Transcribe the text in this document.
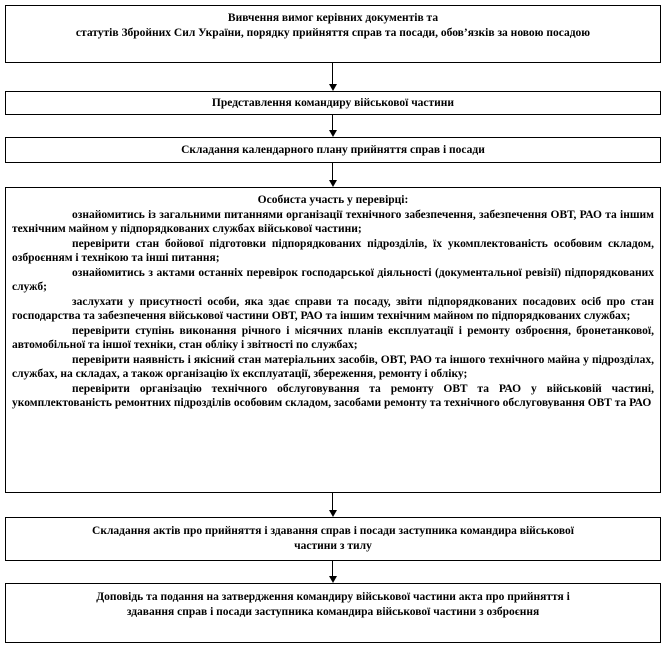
Вивчення вимог керівних документів та
статутів Збройних Сил України, порядку прийняття справ та посади, обов’язків за новою посадою
Представлення командиру військової частини
Складання календарного плану прийняття справ і посади
Особиста участь у перевірці:
ознайомитись із загальними питаннями організації технічного забезпечення, забезпечення ОВТ, РАО та іншим технічним майном у підпорядкованих службах військової частини;
перевірити стан бойової підготовки підпорядкованих підрозділів, їх укомплектованість особовим складом, озброєнням і технікою та інші питання;
ознайомитись з актами останніх перевірок господарської діяльності (документальної ревізії) підпорядкованих служб;
заслухати у присутності особи, яка здає справи та посаду, звіти підпорядкованих посадових осіб про стан господарства та забезпечення військової частини ОВТ, РАО та іншим технічним майном по підпорядкованих службах;
перевірити ступінь виконання річного і місячних планів експлуатації і ремонту озброєння, бронетанкової, автомобільної та іншої техніки, стан обліку і звітності по службах;
перевірити наявність і якісний стан матеріальних засобів, ОВТ, РАО та іншого технічного майна у підрозділах, службах, на складах, а також організацію їх експлуатації, збереження, ремонту і обліку;
перевірити організацію технічного обслуговування та ремонту ОВТ та РАО у військовій частині, укомплектованість ремонтних підрозділів особовим складом, засобами ремонту та технічного обслуговування ОВТ та РАО
Складання актів про прийняття і здавання справ і посади заступника командира військової
частини з тилу
Доповідь та подання на затвердження командиру військової частини акта про прийняття і
здавання справ і посади заступника командира військової частини з озброєння
